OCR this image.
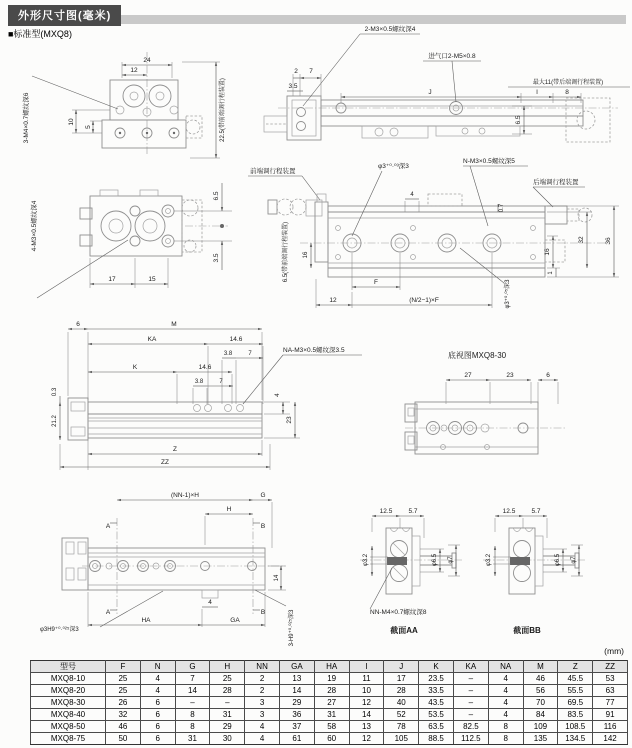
外形尺寸图(毫米)
■标准型(MXQ8)
24
12
10
5
3-M4×0.7螺纹深6	22.5(带前端调行程装置)
2-M3×0.5螺纹深4
进气口2-M5×0.8
2 7
3.5
J	I	8
最大11(带后端调行程装置)
6.5
4-M3×0.5螺纹深4
17	15
6.5
3.5
前端调行程装置
φ3⁺⁰·⁰³深3
N-M3×0.5螺纹深5
后端调行程装置
4
0.7
16
32	36
1
F
12	(N/2−1)×F
16
6.5(带前端调行程装置)
φ3⁺⁰·⁰⁵深3
6	M
KA	14.6
3.8	7
K	14.6
3.8	7
NA-M3×0.5螺纹深3.5
0.3
21.2
4
23
Z
ZZ
底视图MXQ8-30
27	23	6
A
A
B
B
(NN-1)×H	G
H
4
HA	GA
14
3-H9⁺⁰·⁰²⁵深3
φ3H9⁺⁰·⁰²⁵深3
12.5 5.7
φ3.2	φ6.5 φ7
NN-M4×0.7螺纹深8
截面AA
12.5 5.7
φ3.2	φ6.5 φ7
截面BB
(mm)
型号	F	N	G	H	NN	GA	HA	I	J	K	KA	NA	M	Z	ZZ
MXQ8-10	25	4	7	25	2	13	19	11	17	23.5	–	4	46	45.5	53
MXQ8-20	25	4	14	28	2	14	28	10	28	33.5	–	4	56	55.5	63
MXQ8-30	26	6	–	–	3	29	27	12	40	43.5	–	4	70	69.5	77
MXQ8-40	32	6	8	31	3	36	31	14	52	53.5	–	4	84	83.5	91
MXQ8-50	46	6	8	29	4	37	58	13	78	63.5	82.5	8	109	108.5	116
MXQ8-75	50	6	31	30	4	61	60	12	105	88.5	112.5	8	135	134.5	142
